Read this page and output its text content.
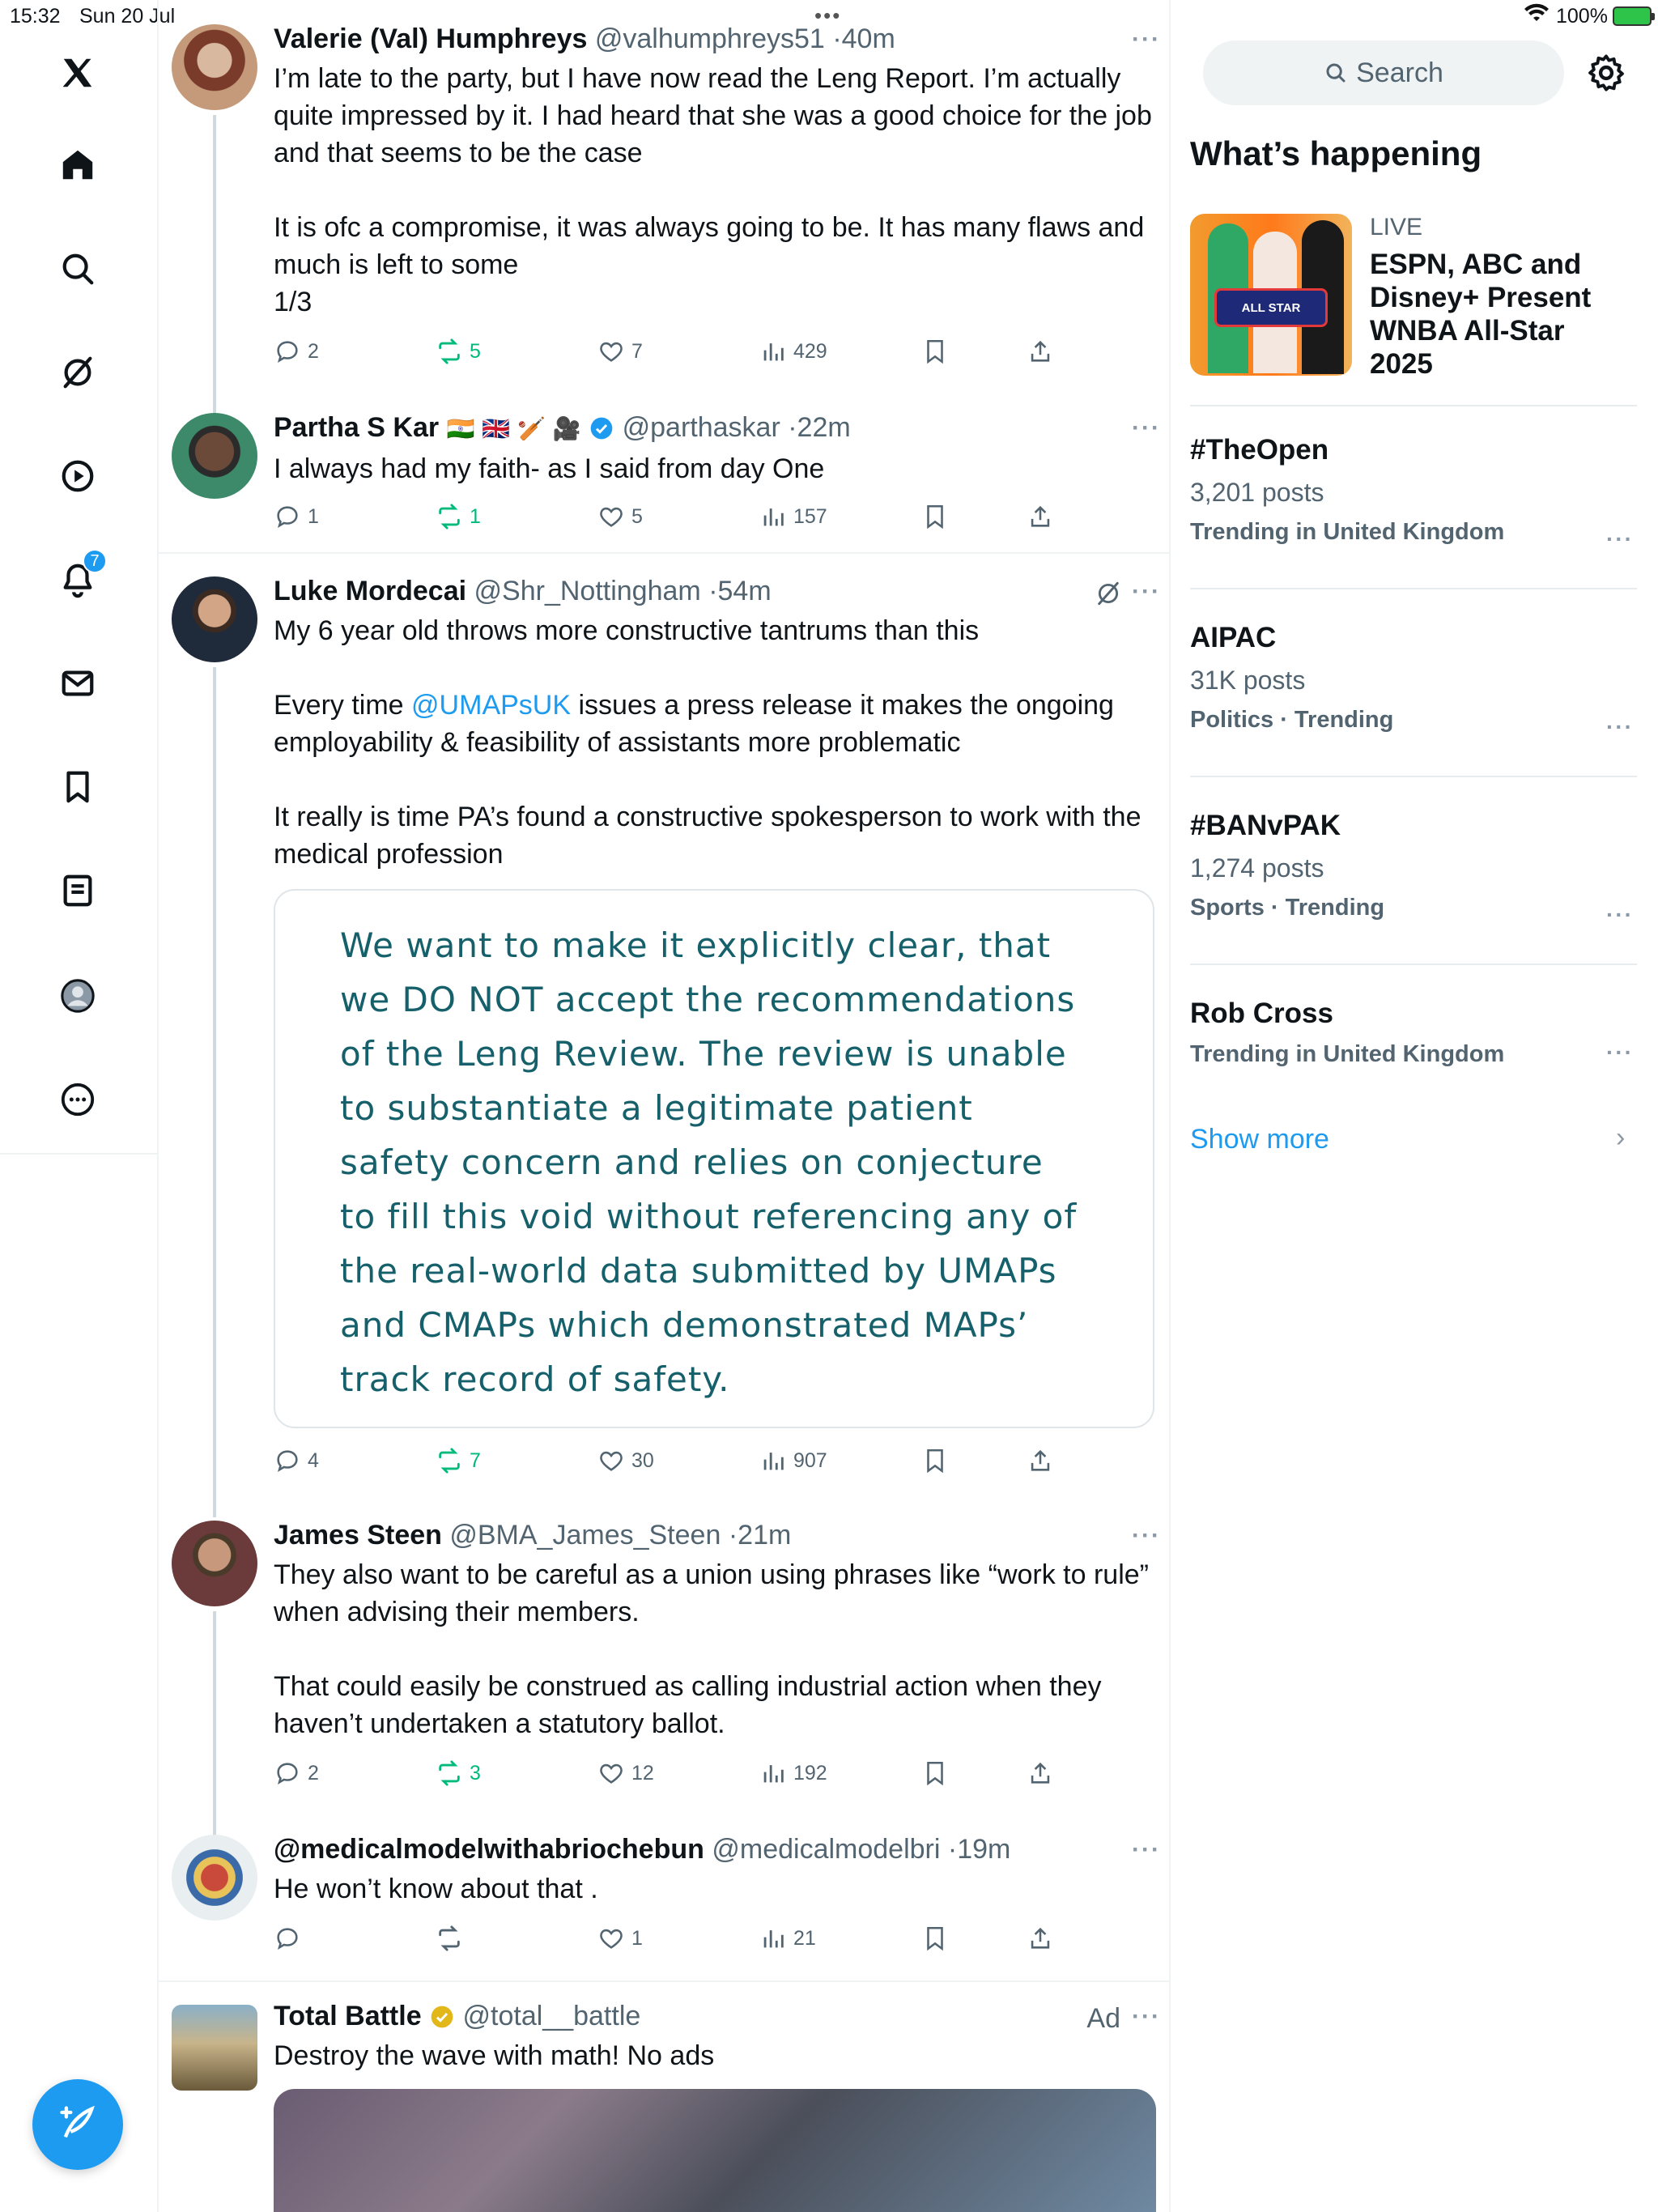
15:32 Sun 20 Jul	•••	100%
7
Valerie (Val) Humphreys @valhumphreys51 ·40m
I’m late to the party, but I have now read the Leng Report. I’m actually quite impressed by it. I had heard that she was a good choice for the job and that seems to be the case

It is ofc a compromise, it was always going to be. It has many flaws and much is left to some
1/3
···
2	5	7	429
Partha S Kar 🇮🇳 🇬🇧 🏏 🎥 @parthaskar ·22m
I always had my faith- as I said from day One
···
1	1	5	157
Luke Mordecai @Shr_Nottingham ·54m
My 6 year old throws more constructive tantrums than this

Every time @UMAPsUK issues a press release it makes the ongoing employability & feasibility of assistants more problematic

It really is time PA’s found a constructive spokesperson to work with the medical profession
···

We want to make it explicitly clear, that we DO NOT accept the recommendations of the Leng Review. The review is unable to substantiate a legitimate patient safety concern and relies on conjecture to fill this void without referencing any of the real-world data submitted by UMAPs and CMAPs which demonstrated MAPs’ track record of safety.

4	7	30	907
James Steen @BMA_James_Steen ·21m
They also want to be careful as a union using phrases like “work to rule” when advising their members.

That could easily be construed as calling industrial action when they haven’t undertaken a statutory ballot.
···
2	3	12	192
@medicalmodelwithabriochebun @medicalmodelbri ·19m
He won’t know about that .
···
1	21
Total Battle @total__battle
Destroy the wave with math! No ads
Ad ···
Search
What’s happening
ALL STAR
LIVE
ESPN, ABC and Disney+ Present WNBA All-Star 2025
#TheOpen
3,201 posts
Trending in United Kingdom	···
AIPAC
31K posts
Politics · Trending	···
#BANvPAK
1,274 posts
Sports · Trending	···
Rob Cross
Trending in United Kingdom	···
Show more	›
